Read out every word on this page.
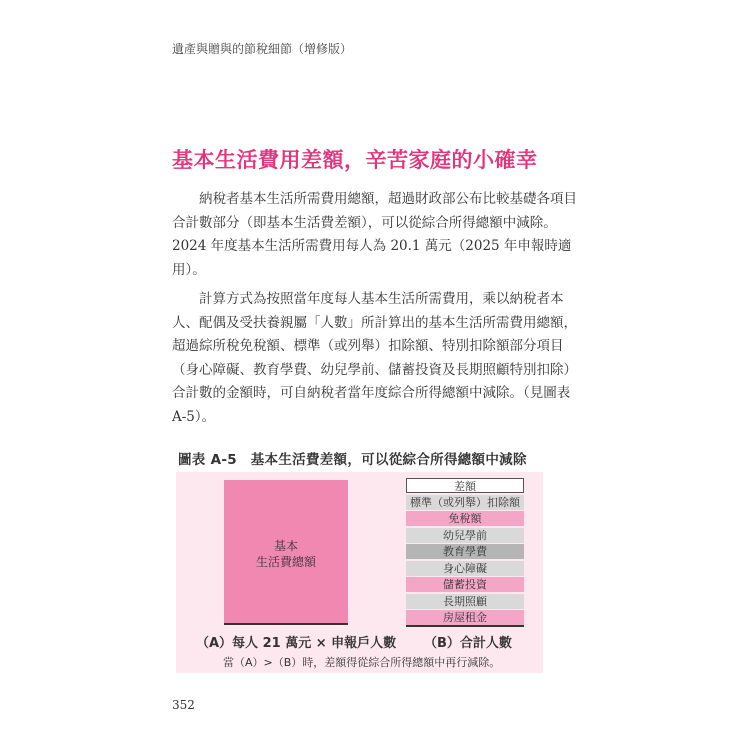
遺產與贈與的節稅細節（增修版）
基本生活費用差額，辛苦家庭的小確幸

納稅者基本生活所需費用總額，超過財政部公布比較基礎各項目合計數部分（即基本生活費差額），可以從綜合所得總額中減除。2024 年度基本生活所需費用每人為 20.1 萬元（2025 年申報時適用）。

計算方式為按照當年度每人基本生活所需費用，乘以納稅者本人、配偶及受扶養親屬「人數」所計算出的基本生活所需費用總額，超過綜所稅免稅額、標準（或列舉）扣除額、特別扣除額部分項目（身心障礙、教育學費、幼兒學前、儲蓄投資及長期照顧特別扣除）合計數的金額時，可自納稅者當年度綜合所得總額中減除。（見圖表 A-5）。

圖表 A-5　基本生活費差額，可以從綜合所得總額中減除
基本
生活費總額
差額
標準（或列舉）扣除額
免稅額
幼兒學前
教育學費
身心障礙
儲蓄投資
長期照顧
房屋租金
（A）每人 21 萬元 × 申報戶人數 （B）合計人數
當（A）>（B）時，差額得從綜合所得總額中再行減除。
352
